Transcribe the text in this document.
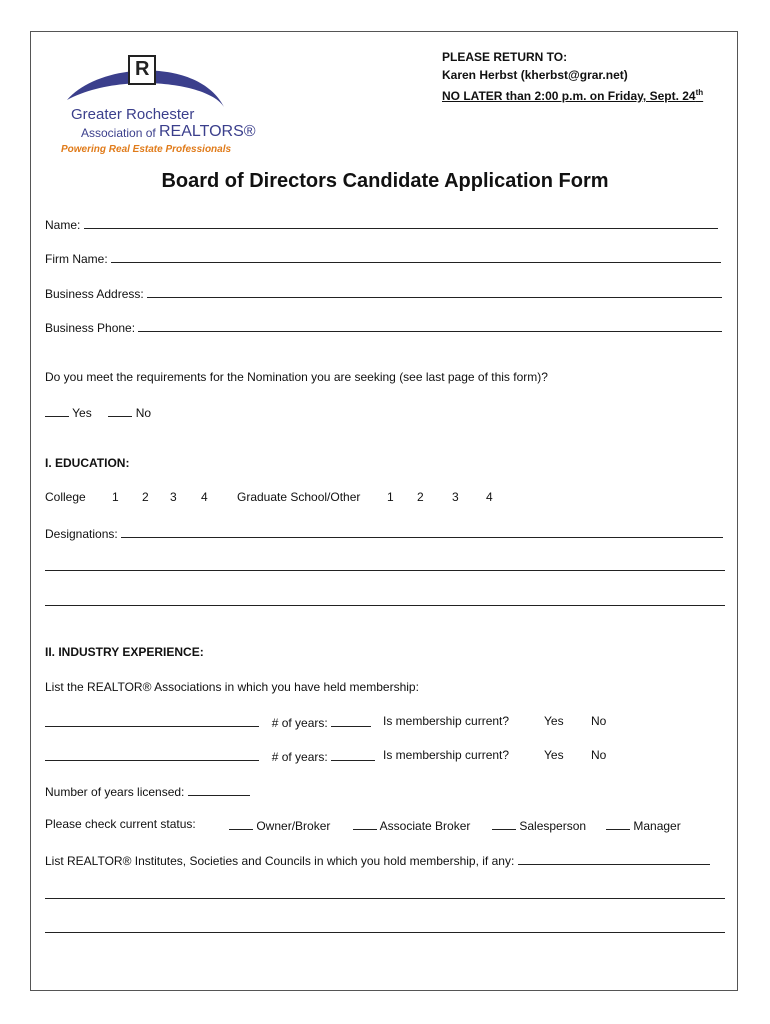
R
Greater Rochester
Association of REALTORS®
Powering Real Estate Professionals
PLEASE RETURN TO:
Karen Herbst (kherbst@grar.net)
NO LATER than 2:00 p.m. on Friday, Sept. 24th
Board of Directors Candidate Application Form
Name:
Firm Name:
Business Address:
Business Phone:
Do you meet the requirements for the Nomination you are seeking (see last page of this form)?
Yes	No
I. EDUCATION:
College 1 2 3 4 Graduate School/Other 1 2 3 4
Designations:
II. INDUSTRY EXPERIENCE:
List the REALTOR® Associations in which you have held membership:
# of years:	Is membership current?	Yes No
# of years:	Is membership current?	Yes No
Number of years licensed:
Please check current status:	Owner/Broker	Associate Broker	Salesperson	Manager
List REALTOR® Institutes, Societies and Councils in which you hold membership, if any:
